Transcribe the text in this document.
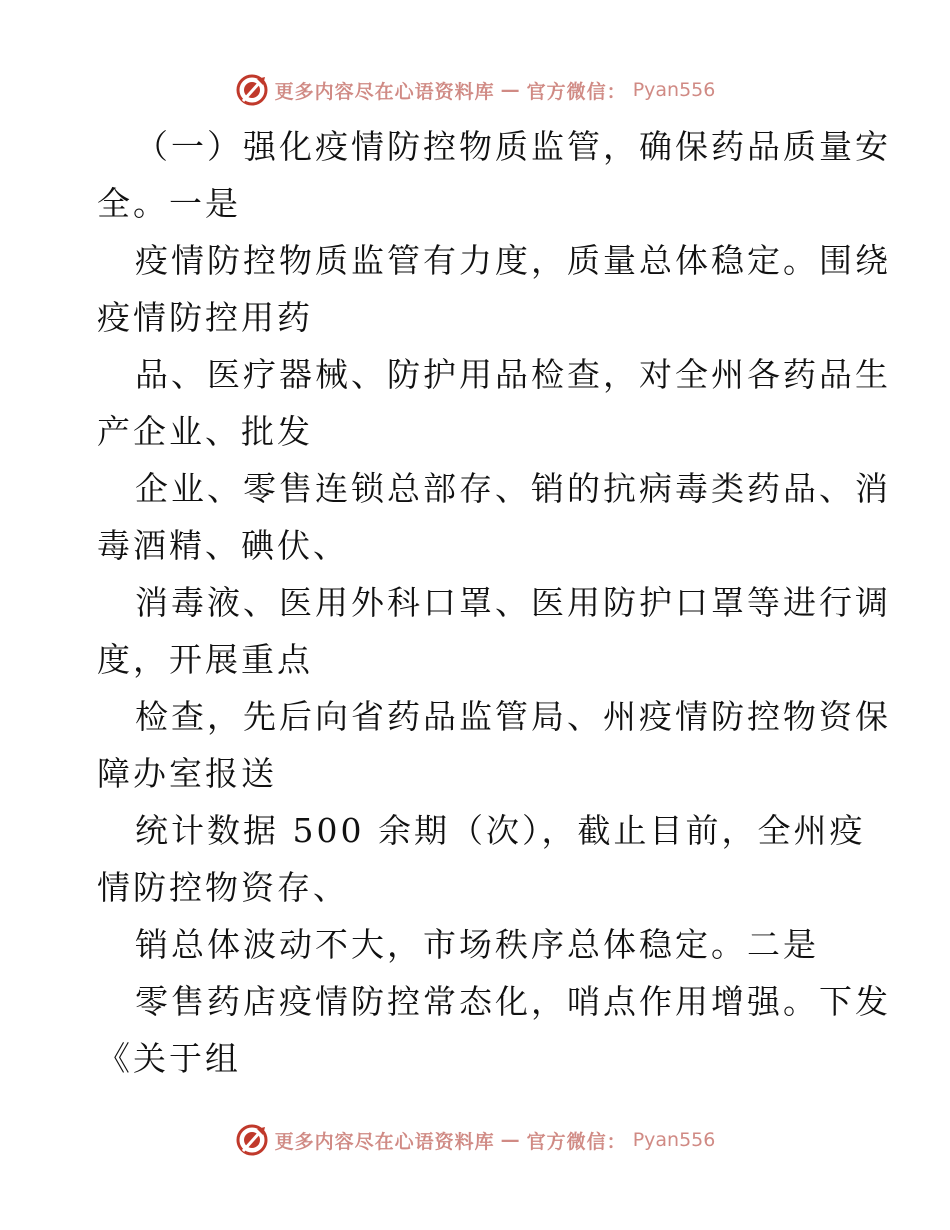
更多内容尽在心语资料库 — 官方微信： Pyan556
（一）强化疫情防控物质监管，确保药品质量安
全。一是
疫情防控物质监管有力度，质量总体稳定。围绕
疫情防控用药
品、医疗器械、防护用品检查，对全州各药品生
产企业、批发
企业、零售连锁总部存、销的抗病毒类药品、消
毒酒精、碘伏、
消毒液、医用外科口罩、医用防护口罩等进行调
度，开展重点
检查，先后向省药品监管局、州疫情防控物资保
障办室报送
统计数据 500 余期（次），截止目前，全州疫
情防控物资存、
销总体波动不大，市场秩序总体稳定。二是
零售药店疫情防控常态化，哨点作用增强。下发
《关于组
更多内容尽在心语资料库 — 官方微信： Pyan556
